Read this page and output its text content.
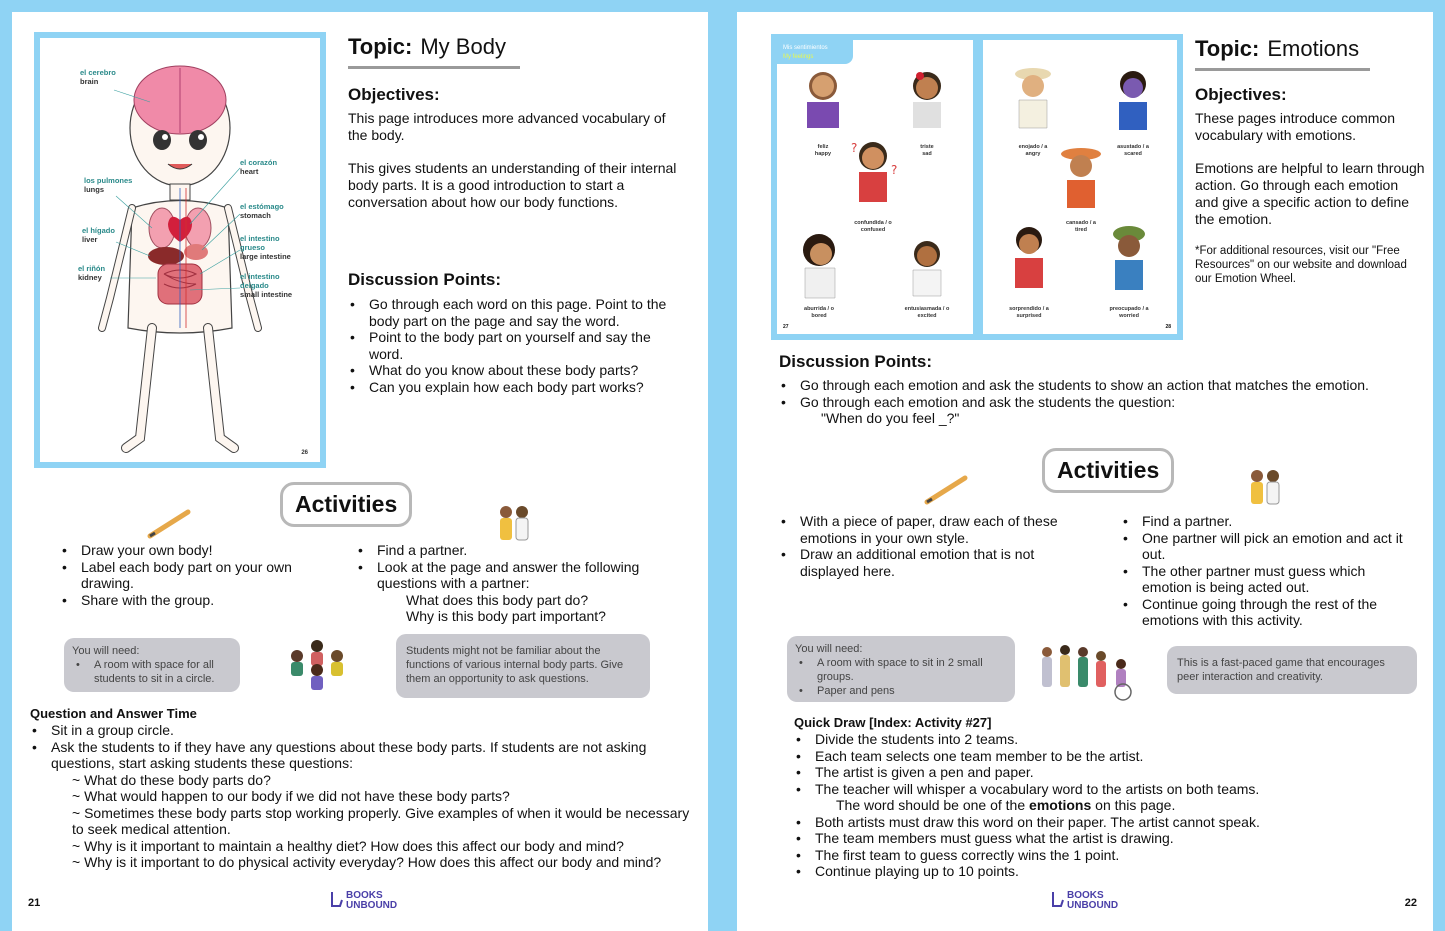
el cerebro
brain
los pulmones
lungs
el hígado
liver
el riñón
kidney
el corazón
heart
el estómago
stomach
el intestino grueso
large intestine
el intestino delgado
small intestine
26
Topic: My Body
Objectives:

This page introduces more advanced vocabulary of the body.

This gives students an understanding of their internal body parts. It is a good introduction to start a conversation about how our body functions.

Discussion Points:
• Go through each word on this page. Point to the body part on the page and say the word.
• Point to the body part on yourself and say the word.
• What do you know about these body parts?
• Can you explain how each body part works?
Activities
• Draw your own body!
• Label each body part on your own drawing.
• Share with the group.
• Find a partner.
• Look at the page and answer the following questions with a partner:
What does this body part do?
Why is this body part important?
You will need:
• A room with space for all students to sit in a circle.
Students might not be familiar about the functions of various internal body parts. Give them an opportunity to ask questions.
Question and Answer Time
• Sit in a group circle.
• Ask the students to if they have any questions about these body parts. If students are not asking questions, start asking students these questions:
~ What do these body parts do?
~ What would happen to our body if we did not have these body parts?
~ Sometimes these body parts stop working properly. Give examples of when it would be necessary to seek medical attention.
~ Why is it important to maintain a healthy diet? How does this affect our body and mind?
~ Why is it important to do physical activity everyday? How does this affect our body and mind?
21
BOOKS
UNBOUND
Mis sentimientos
My feelings
?
?
feliz
happy
triste
sad
confundida / o
confused
aburrida / o
bored
entusiasmada / o
excited
enojado / a
angry
asustado / a
scared
cansado / a
tired
sorprendido / a
surprised
preocupado / a
worried
27	28
Topic: Emotions
Objectives:

These pages introduce common vocabulary with emotions.

Emotions are helpful to learn through action. Go through each emotion and give a specific action to define the emotion.

*For additional resources, visit our "Free Resources" on our website and download our Emotion Wheel.

Discussion Points:
• Go through each emotion and ask the students to show an action that matches the emotion.
• Go through each emotion and ask the students the question:
"When do you feel _?"
Activities
• With a piece of paper, draw each of these emotions in your own style.
• Draw an additional emotion that is not displayed here.
• Find a partner.
• One partner will pick an emotion and act it out.
• The other partner must guess which emotion is being acted out.
• Continue going through the rest of the emotions with this activity.
You will need:
• A room with space to sit in 2 small groups.
• Paper and pens
This is a fast-paced game that encourages peer interaction and creativity.
Quick Draw [Index: Activity #27]
• Divide the students into 2 teams.
• Each team selects one team member to be the artist.
• The artist is given a pen and paper.
• The teacher will whisper a vocabulary word to the artists on both teams.
The word should be one of the emotions on this page.
• Both artists must draw this word on their paper. The artist cannot speak.
• The team members must guess what the artist is drawing.
• The first team to guess correctly wins the 1 point.
• Continue playing up to 10 points.
BOOKS
UNBOUND	22
